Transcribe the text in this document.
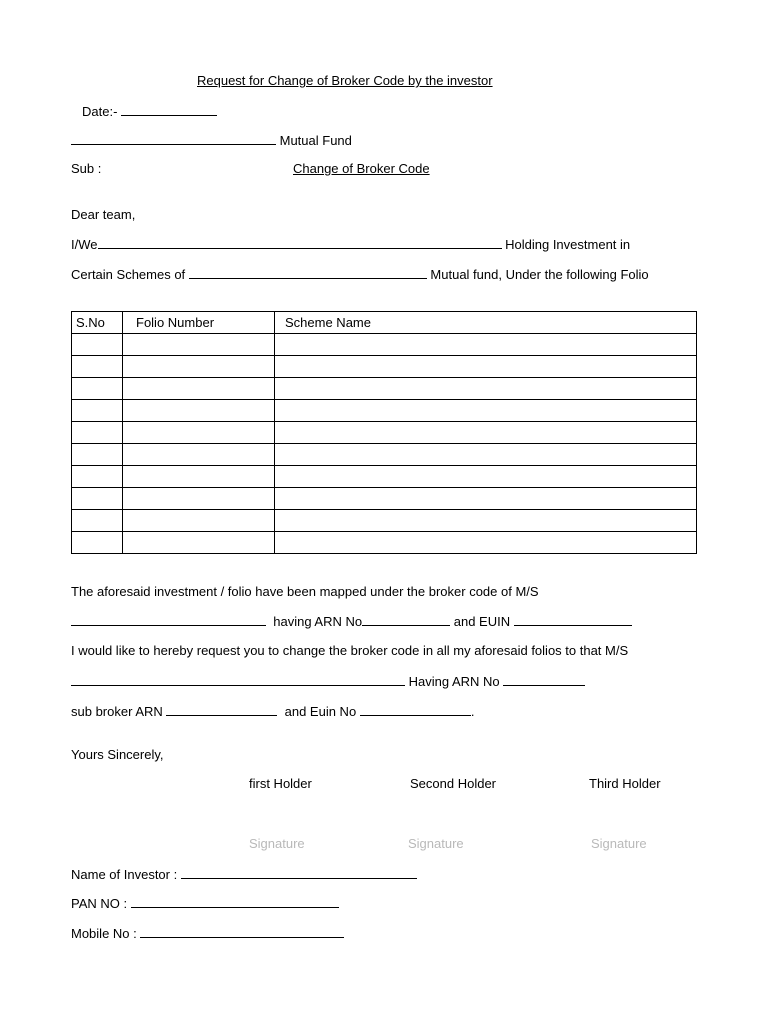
Request for Change of Broker Code by the investor
Date:-
Mutual Fund
Sub :	Change of Broker Code
Dear team,
I/We	Holding Investment in
Certain Schemes of	Mutual fund, Under the following Folio
S.No	Folio Number	Scheme Name

The aforesaid investment / folio have been mapped under the broker code of M/S
having ARN No	and EUIN
I would like to hereby request you to change the broker code in all my aforesaid folios to that M/S
Having ARN No
sub broker ARN	and Euin No	.
Yours Sincerely,
first Holder	Second Holder	Third Holder
Signature	Signature	Signature
Name of Investor :
PAN NO :
Mobile No :
